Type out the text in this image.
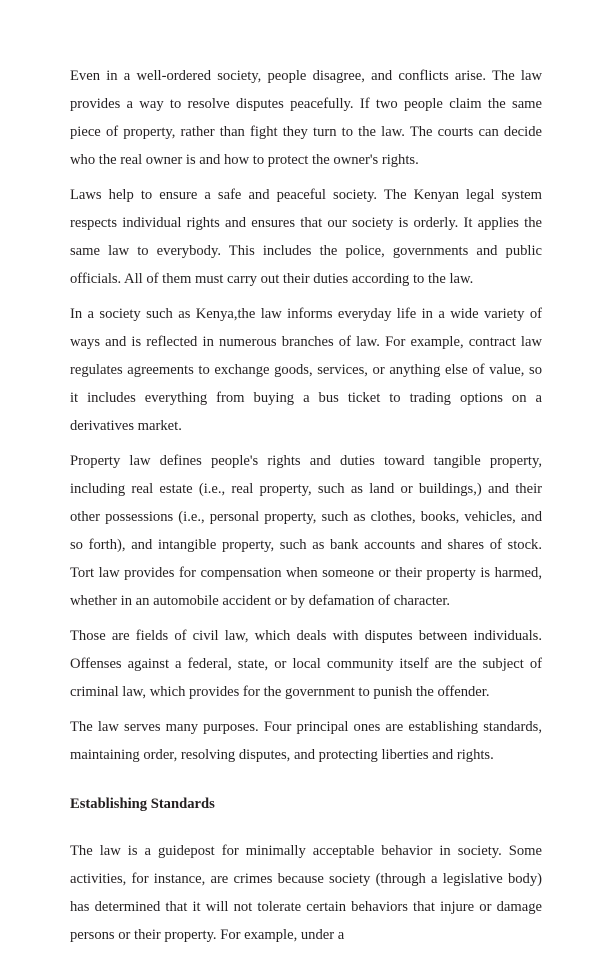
Even in a well-ordered society, people disagree, and conflicts arise. The law provides a way to resolve disputes peacefully. If two people claim the same piece of property, rather than fight they turn to the law. The courts can decide who the real owner is and how to protect the owner's rights.

Laws help to ensure a safe and peaceful society. The Kenyan legal system respects individual rights and ensures that our society is orderly. It applies the same law to everybody. This includes the police, governments and public officials. All of them must carry out their duties according to the law.

In a society such as Kenya,the law informs everyday life in a wide variety of ways and is reflected in numerous branches of law. For example, contract law regulates agreements to exchange goods, services, or anything else of value, so it includes everything from buying a bus ticket to trading options on a derivatives market.

Property law defines people's rights and duties toward tangible property, including real estate (i.e., real property, such as land or buildings,) and their other possessions (i.e., personal property, such as clothes, books, vehicles, and so forth), and intangible property, such as bank accounts and shares of stock. Tort law provides for compensation when someone or their property is harmed, whether in an automobile accident or by defamation of character.

Those are fields of civil law, which deals with disputes between individuals. Offenses against a federal, state, or local community itself are the subject of criminal law, which provides for the government to punish the offender.

The law serves many purposes. Four principal ones are establishing standards, maintaining order, resolving disputes, and protecting liberties and rights.

Establishing Standards

The law is a guidepost for minimally acceptable behavior in society. Some activities, for instance, are crimes because society (through a legislative body) has determined that it will not tolerate certain behaviors that injure or damage persons or their property. For example, under a
